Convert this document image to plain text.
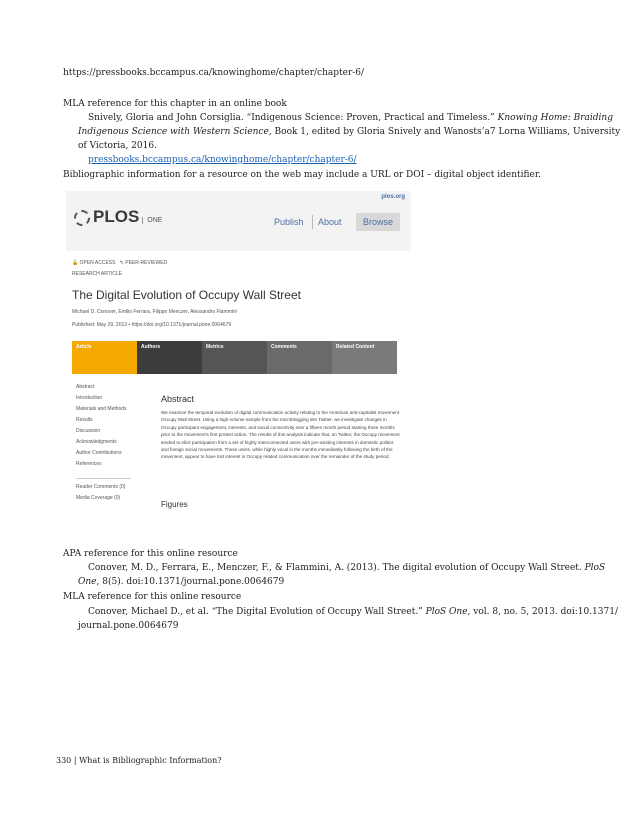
https://pressbooks.bccampus.ca/knowinghome/chapter/chapter-6/
MLA reference for this chapter in an online book
Snively, Gloria and John Corsiglia. “Indigenous Science: Proven, Practical and Timeless.” Knowing Home: Braiding
Indigenous Science with Western Science, Book 1, edited by Gloria Snively and Wanosts’a7 Lorna Williams, University
of Victoria, 2016.
pressbooks.bccampus.ca/knowinghome/chapter/chapter-6/
Bibliographic information for a resource on the web may include a URL or DOI – digital object identifier.
plos.org
PLOS ONE	Publish About	Browse
🔓 OPEN ACCESS ✎ PEER-REVIEWED
RESEARCH ARTICLE
The Digital Evolution of Occupy Wall Street
Michael D. Conover, Emilio Ferrara, Filippo Menczer, Alessandro Flammini
Published: May 29, 2013 • https://doi.org/10.1371/journal.pone.0064679
Article	Authors	Metrics	Comments	Related Content
Abstract
Introduction
Materials and Methods
Results
Discussion
Acknowledgments
Author Contributions
References
Reader Comments (0)
Media Coverage (0)
Abstract
We examine the temporal evolution of digital communication activity relating to the American anti-capitalist movement Occupy Wall Street. Using a high-volume sample from the microblogging site Twitter, we investigate changes in Occupy participant engagement, interests, and social connectivity over a fifteen month period starting three months prior to the movement's first protest action. The results of this analysis indicate that, on Twitter, the Occupy movement tended to elicit participation from a set of highly interconnected users with pre-existing interests in domestic politics and foreign social movements. These users, while highly vocal in the months immediately following the birth of the movement, appear to have lost interest in Occupy related communication over the remainder of the study period.
Figures
APA reference for this online resource
Conover, M. D., Ferrara, E., Menczer, F., & Flammini, A. (2013). The digital evolution of Occupy Wall Street. PloS
One, 8(5). doi:10.1371/journal.pone.0064679
MLA reference for this online resource
Conover, Michael D., et al. “The Digital Evolution of Occupy Wall Street.” PloS One, vol. 8, no. 5, 2013. doi:10.1371/
journal.pone.0064679
330 | What is Bibliographic Information?
